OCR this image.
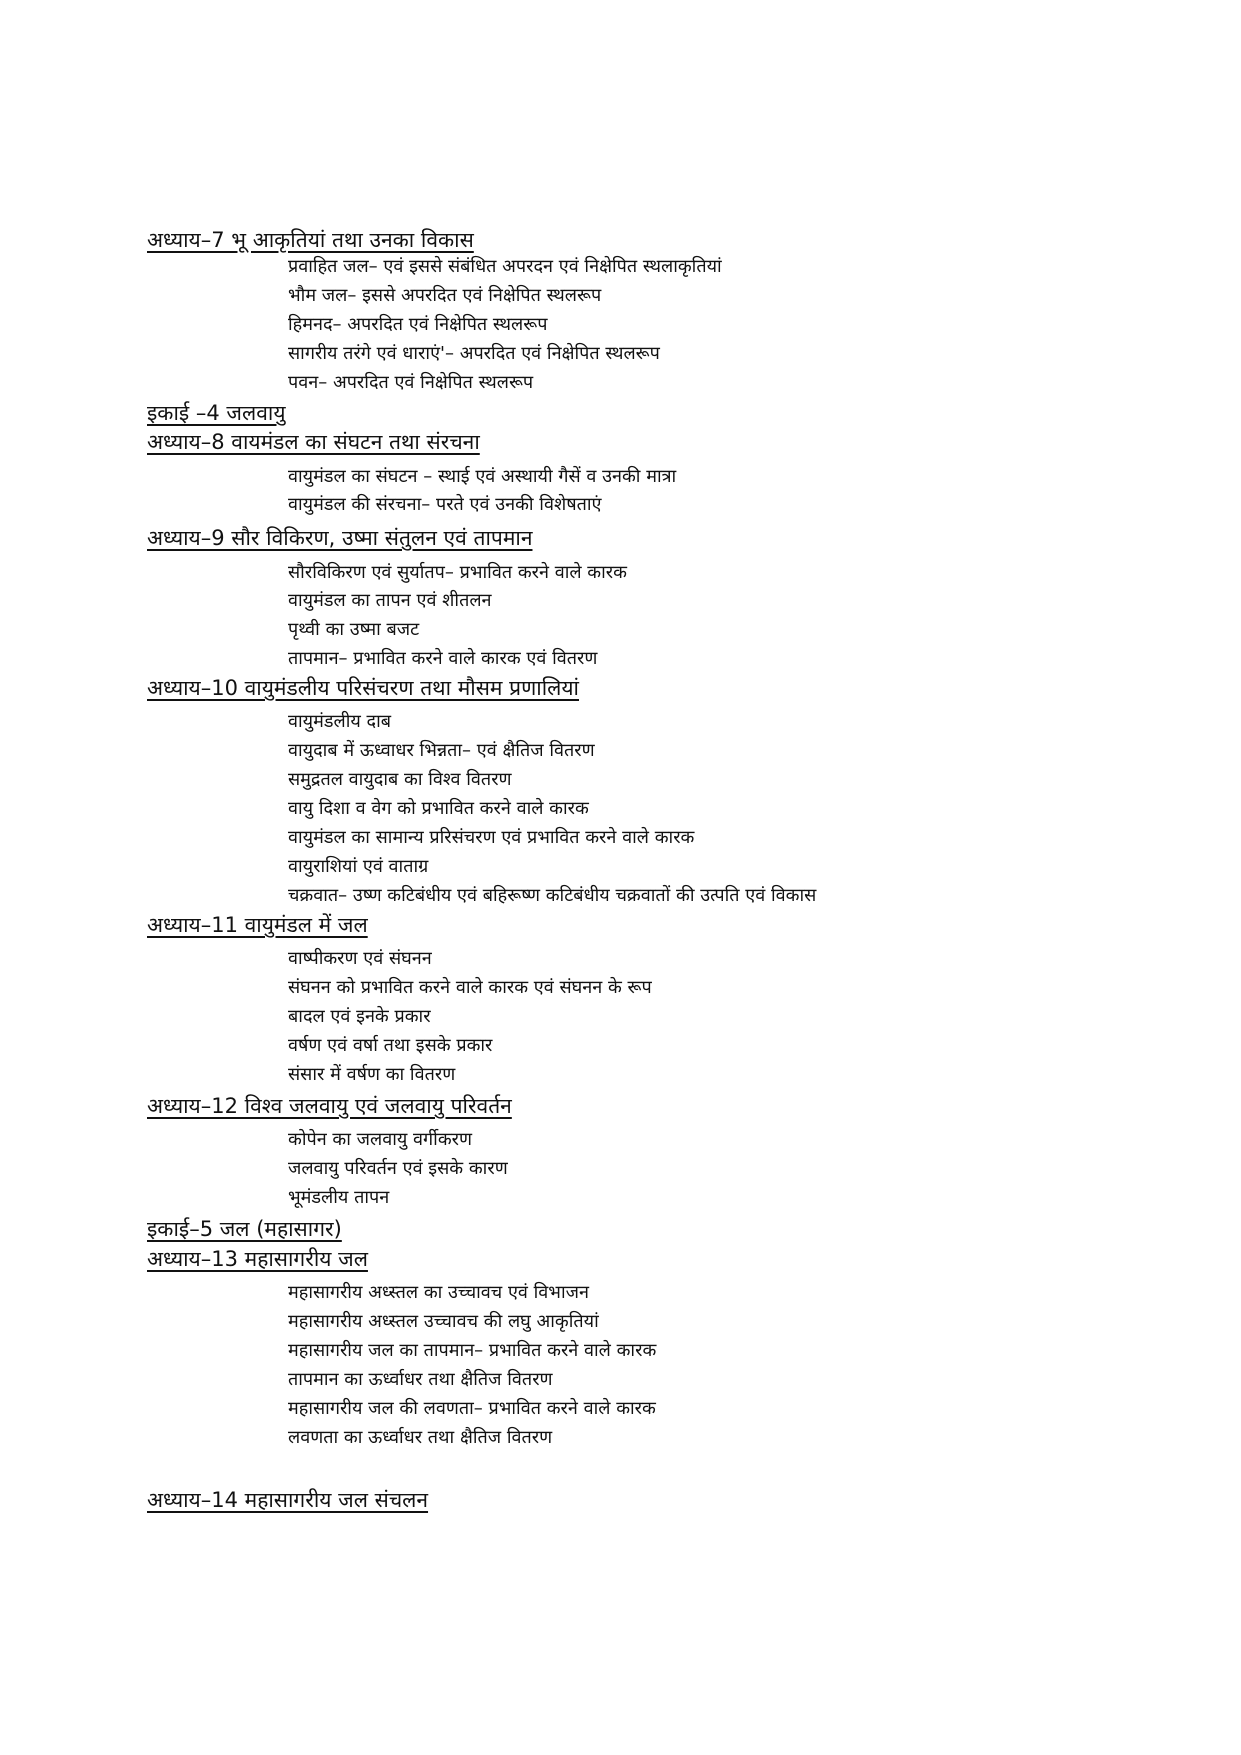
अध्याय–7 भू आकृतियां तथा उनका विकास
प्रवाहित जल– एवं इससे संबंधित अपरदन एवं निक्षेपित स्थलाकृतियां
भौम जल– इससे अपरदित एवं निक्षेपित स्थलरूप
हिमनद– अपरदित एवं निक्षेपित स्थलरूप
सागरीय तरंगे एवं धाराएं'– अपरदित एवं निक्षेपित स्थलरूप
पवन– अपरदित एवं निक्षेपित स्थलरूप
इकाई –4 जलवायु
अध्याय–8 वायमंडल का संघटन तथा संरचना
वायुमंडल का संघटन – स्थाई एवं अस्थायी गैसें व उनकी मात्रा
वायुमंडल की संरचना– परते एवं उनकी विशेषताएं
अध्याय–9 सौर विकिरण, उष्मा संतुलन एवं तापमान
सौरविकिरण एवं सुर्यातप– प्रभावित करने वाले कारक
वायुमंडल का तापन एवं शीतलन
पृथ्वी का उष्मा बजट
तापमान– प्रभावित करने वाले कारक एवं वितरण
अध्याय–10 वायुमंडलीय परिसंचरण तथा मौसम प्रणालियां
वायुमंडलीय दाब
वायुदाब में ऊध्वाधर भिन्नता– एवं क्षैतिज वितरण
समुद्रतल वायुदाब का विश्व वितरण
वायु दिशा व वेग को प्रभावित करने वाले कारक
वायुमंडल का सामान्य प्ररिसंचरण एवं प्रभावित करने वाले कारक
वायुराशियां एवं वाताग्र
चक्रवात– उष्ण कटिबंधीय एवं बहिरूष्ण कटिबंधीय चक्रवातों की उत्पति एवं विकास
अध्याय–11 वायुमंडल में जल
वाष्पीकरण एवं संघनन
संघनन को प्रभावित करने वाले कारक एवं संघनन के रूप
बादल एवं इनके प्रकार
वर्षण एवं वर्षा तथा इसके प्रकार
संसार में वर्षण का वितरण
अध्याय–12 विश्व जलवायु एवं जलवायु परिवर्तन
कोपेन का जलवायु वर्गीकरण
जलवायु परिवर्तन एवं इसके कारण
भूमंडलीय तापन
इकाई–5 जल (महासागर)
अध्याय–13 महासागरीय जल
महासागरीय अध्स्तल का उच्चावच एवं विभाजन
महासागरीय अध्स्तल उच्चावच की लघु आकृतियां
महासागरीय जल का तापमान– प्रभावित करने वाले कारक
तापमान का ऊर्ध्वाधर तथा क्षैतिज वितरण
महासागरीय जल की लवणता– प्रभावित करने वाले कारक
लवणता का ऊर्ध्वाधर तथा क्षैतिज वितरण
अध्याय–14 महासागरीय जल संचलन
